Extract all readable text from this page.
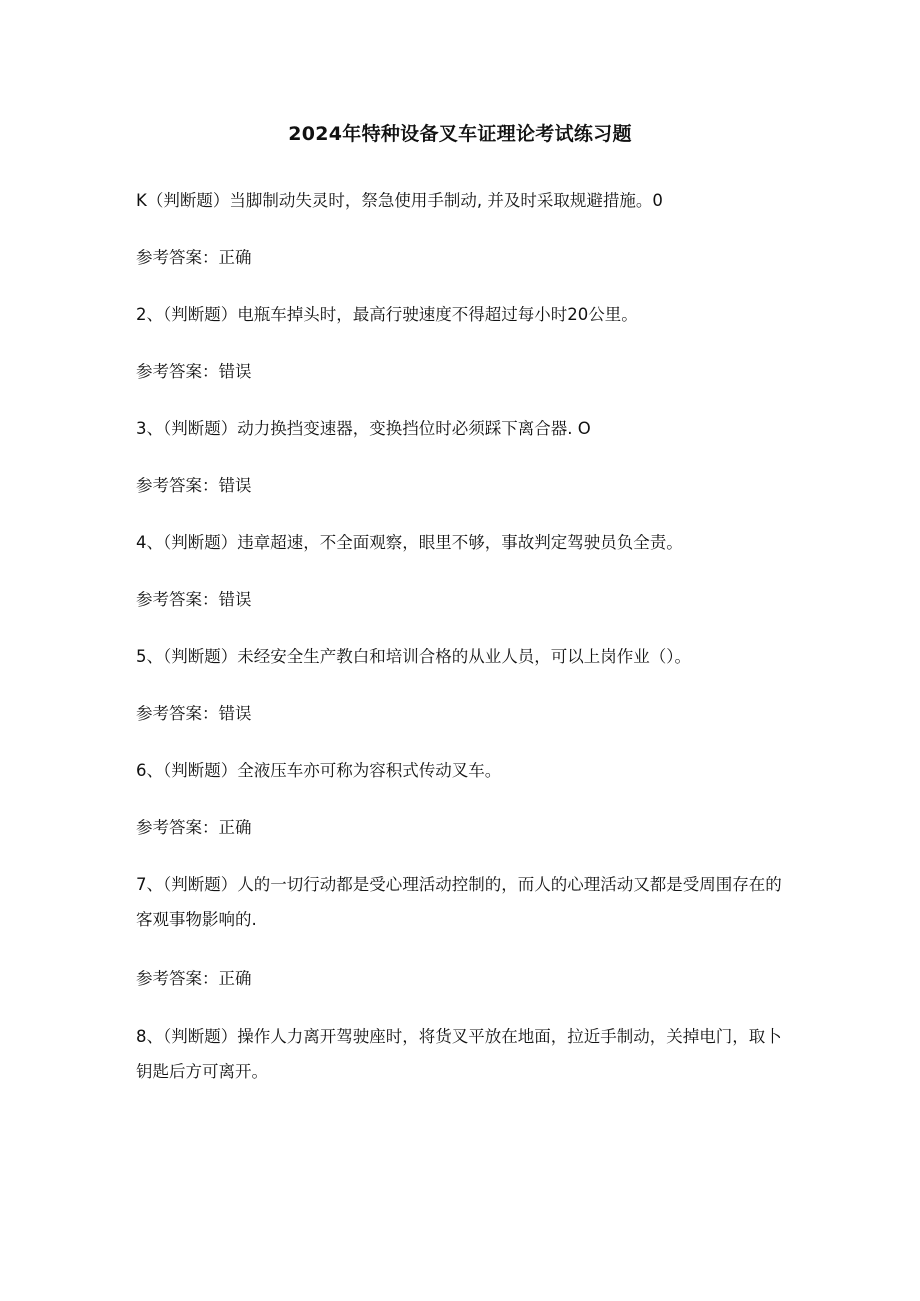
2024年特种设备叉车证理论考试练习题
K（判断题）当脚制动失灵时，祭急使用手制动, 并及时采取规避措施。0
参考答案：正确
2、（判断题）电瓶车掉头时，最高行驶速度不得超过每小时20公里。
参考答案：错误
3、（判断题）动力换挡变速器，变换挡位时必须踩下离合器. O
参考答案：错误
4、（判断题）违章超速，不全面观察，眼里不够，事故判定驾驶员负全责。
参考答案：错误
5、（判断题）未经安全生产教白和培训合格的从业人员，可以上岗作业（）。
参考答案：错误
6、（判断题）全液压车亦可称为容积式传动叉车。
参考答案：正确
7、（判断题）人的一切行动都是受心理活动控制的，而人的心理活动又都是受周围存在的客观事物影响的.
参考答案：正确
8、（判断题）操作人力离开驾驶座时，将货叉平放在地面，拉近手制动，关掉电门，取卜钥匙后方可离开。
